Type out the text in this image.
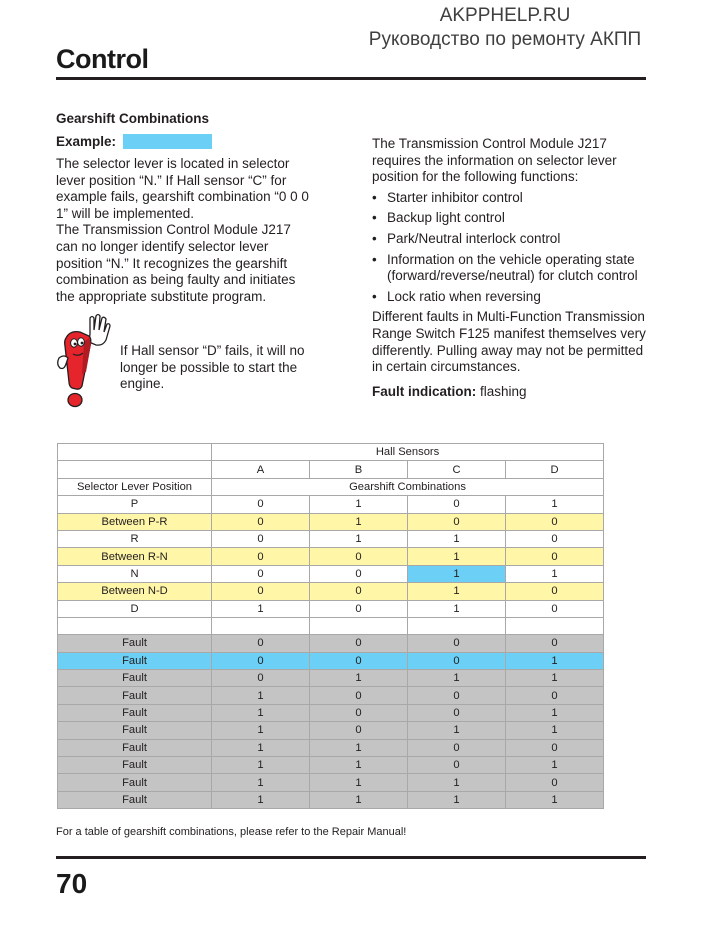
AKPPHELP.RU
Руководство по ремонту АКПП
Control
Gearshift Combinations
Example:

The selector lever is located in selector lever position “N.” If Hall sensor “C” for example fails, gearshift combination “0 0 0 1” will be implemented.

The Transmission Control Module J217 can no longer identify selector lever position “N.” It recognizes the gearshift combination as being faulty and initiates the appropriate substitute program.

If Hall sensor “D” fails, it will no longer be possible to start the engine.

The Transmission Control Module J217 requires the information on selector lever position for the following functions:

• Starter inhibitor control
• Backup light control
• Park/Neutral interlock control
• Information on the vehicle operating state (forward/reverse/neutral) for clutch control
• Lock ratio when reversing

Different faults in Multi-Function Transmission Range Switch F125 manifest themselves very differently. Pulling away may not be permitted in certain circumstances.

Fault indication: flashing

	Hall Sensors			
	A	B	C	D
Selector Lever Position	Gearshift Combinations			
P	0	1	0	1
Between P-R	0	1	0	0
R	0	1	1	0
Between R-N	0	0	1	0
N	0	0	1	1
Between N-D	0	0	1	0
D	1	0	1	0

Fault	0	0	0	0
Fault	0	0	0	1
Fault	0	1	1	1
Fault	1	0	0	0
Fault	1	0	0	1
Fault	1	0	1	1
Fault	1	1	0	0
Fault	1	1	0	1
Fault	1	1	1	0
Fault	1	1	1	1

For a table of gearshift combinations, please refer to the Repair Manual!

70
